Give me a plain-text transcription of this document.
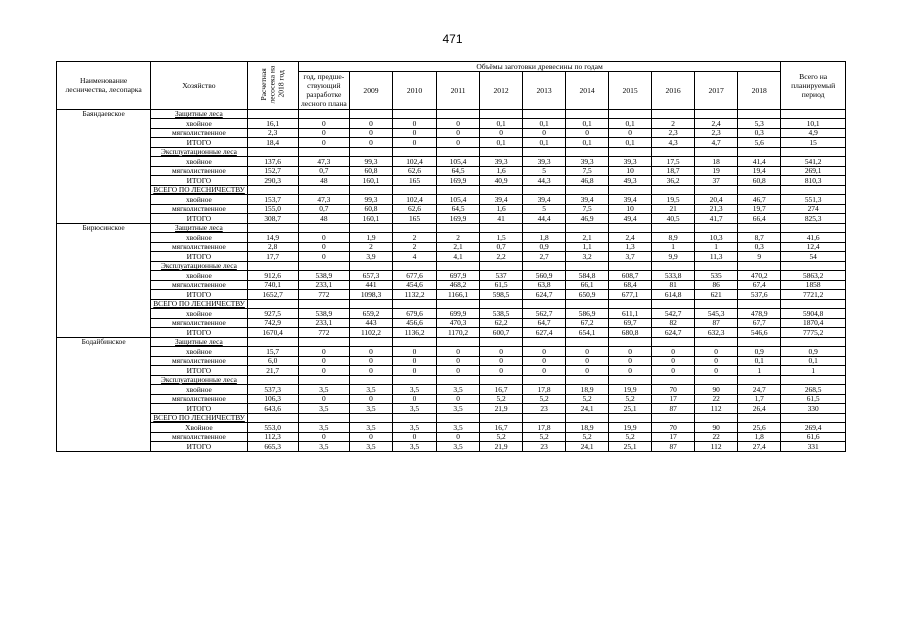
471
Наименование лесничества, лесопарка	Хозяйство	Расчетная лесосека на 2018 год	Объёмы заготовки древесины по годам											Всего на планируемый период
			год, предше-ствующий разработке лесного плана	2009	2010	2011	2012	2013	2014	2015	2016	2017	2018	
Баяндаевское	Защитные леса													
	хвойное	16,1	0	0	0	0	0,1	0,1	0,1	0,1	2	2,4	5,3	10,1
	мягколиственное	2,3	0	0	0	0	0	0	0	0	2,3	2,3	0,3	4,9
	ИТОГО	18,4	0	0	0	0	0,1	0,1	0,1	0,1	4,3	4,7	5,6	15
	Эксплуатационные леса													
	хвойное	137,6	47,3	99,3	102,4	105,4	39,3	39,3	39,3	39,3	17,5	18	41,4	541,2
	мягколиственное	152,7	0,7	60,8	62,6	64,5	1,6	5	7,5	10	18,7	19	19,4	269,1
	ИТОГО	290,3	48	160,1	165	169,9	40,9	44,3	46,8	49,3	36,2	37	60,8	810,3
	ВСЕГО ПО ЛЕСНИЧЕСТВУ													
	хвойное	153,7	47,3	99,3	102,4	105,4	39,4	39,4	39,4	39,4	19,5	20,4	46,7	551,3
	мягколиственное	155,0	0,7	60,8	62,6	64,5	1,6	5	7,5	10	21	21,3	19,7	274
	ИТОГО	308,7	48	160,1	165	169,9	41	44,4	46,9	49,4	40,5	41,7	66,4	825,3
Бирюсинское	Защитные леса													
	хвойное	14,9	0	1,9	2	2	1,5	1,8	2,1	2,4	8,9	10,3	8,7	41,6
	мягколиственное	2,8	0	2	2	2,1	0,7	0,9	1,1	1,3	1	1	0,3	12,4
	ИТОГО	17,7	0	3,9	4	4,1	2,2	2,7	3,2	3,7	9,9	11,3	9	54
	Эксплуатационные леса													
	хвойное	912,6	538,9	657,3	677,6	697,9	537	560,9	584,8	608,7	533,8	535	470,2	5863,2
	мягколиственное	740,1	233,1	441	454,6	468,2	61,5	63,8	66,1	68,4	81	86	67,4	1858
	ИТОГО	1652,7	772	1098,3	1132,2	1166,1	598,5	624,7	650,9	677,1	614,8	621	537,6	7721,2
	ВСЕГО ПО ЛЕСНИЧЕСТВУ													
	хвойное	927,5	538,9	659,2	679,6	699,9	538,5	562,7	586,9	611,1	542,7	545,3	478,9	5904,8
	мягколиственное	742,9	233,1	443	456,6	470,3	62,2	64,7	67,2	69,7	82	87	67,7	1870,4
	ИТОГО	1670,4	772	1102,2	1136,2	1170,2	600,7	627,4	654,1	680,8	624,7	632,3	546,6	7775,2
Бодайбинское	Защитные леса													
	хвойное	15,7	0	0	0	0	0	0	0	0	0	0	0,9	0,9
	мягколиственное	6,0	0	0	0	0	0	0	0	0	0	0	0,1	0,1
	ИТОГО	21,7	0	0	0	0	0	0	0	0	0	0	1	1
	Эксплуатационные леса													
	хвойное	537,3	3,5	3,5	3,5	3,5	16,7	17,8	18,9	19,9	70	90	24,7	268,5
	мягколиственное	106,3	0	0	0	0	5,2	5,2	5,2	5,2	17	22	1,7	61,5
	ИТОГО	643,6	3,5	3,5	3,5	3,5	21,9	23	24,1	25,1	87	112	26,4	330
	ВСЕГО ПО ЛЕСНИЧЕСТВУ													
	Хвойное	553,0	3,5	3,5	3,5	3,5	16,7	17,8	18,9	19,9	70	90	25,6	269,4
	мягколиственное	112,3	0	0	0	0	5,2	5,2	5,2	5,2	17	22	1,8	61,6
	ИТОГО	665,3	3,5	3,5	3,5	3,5	21,9	23	24,1	25,1	87	112	27,4	331
